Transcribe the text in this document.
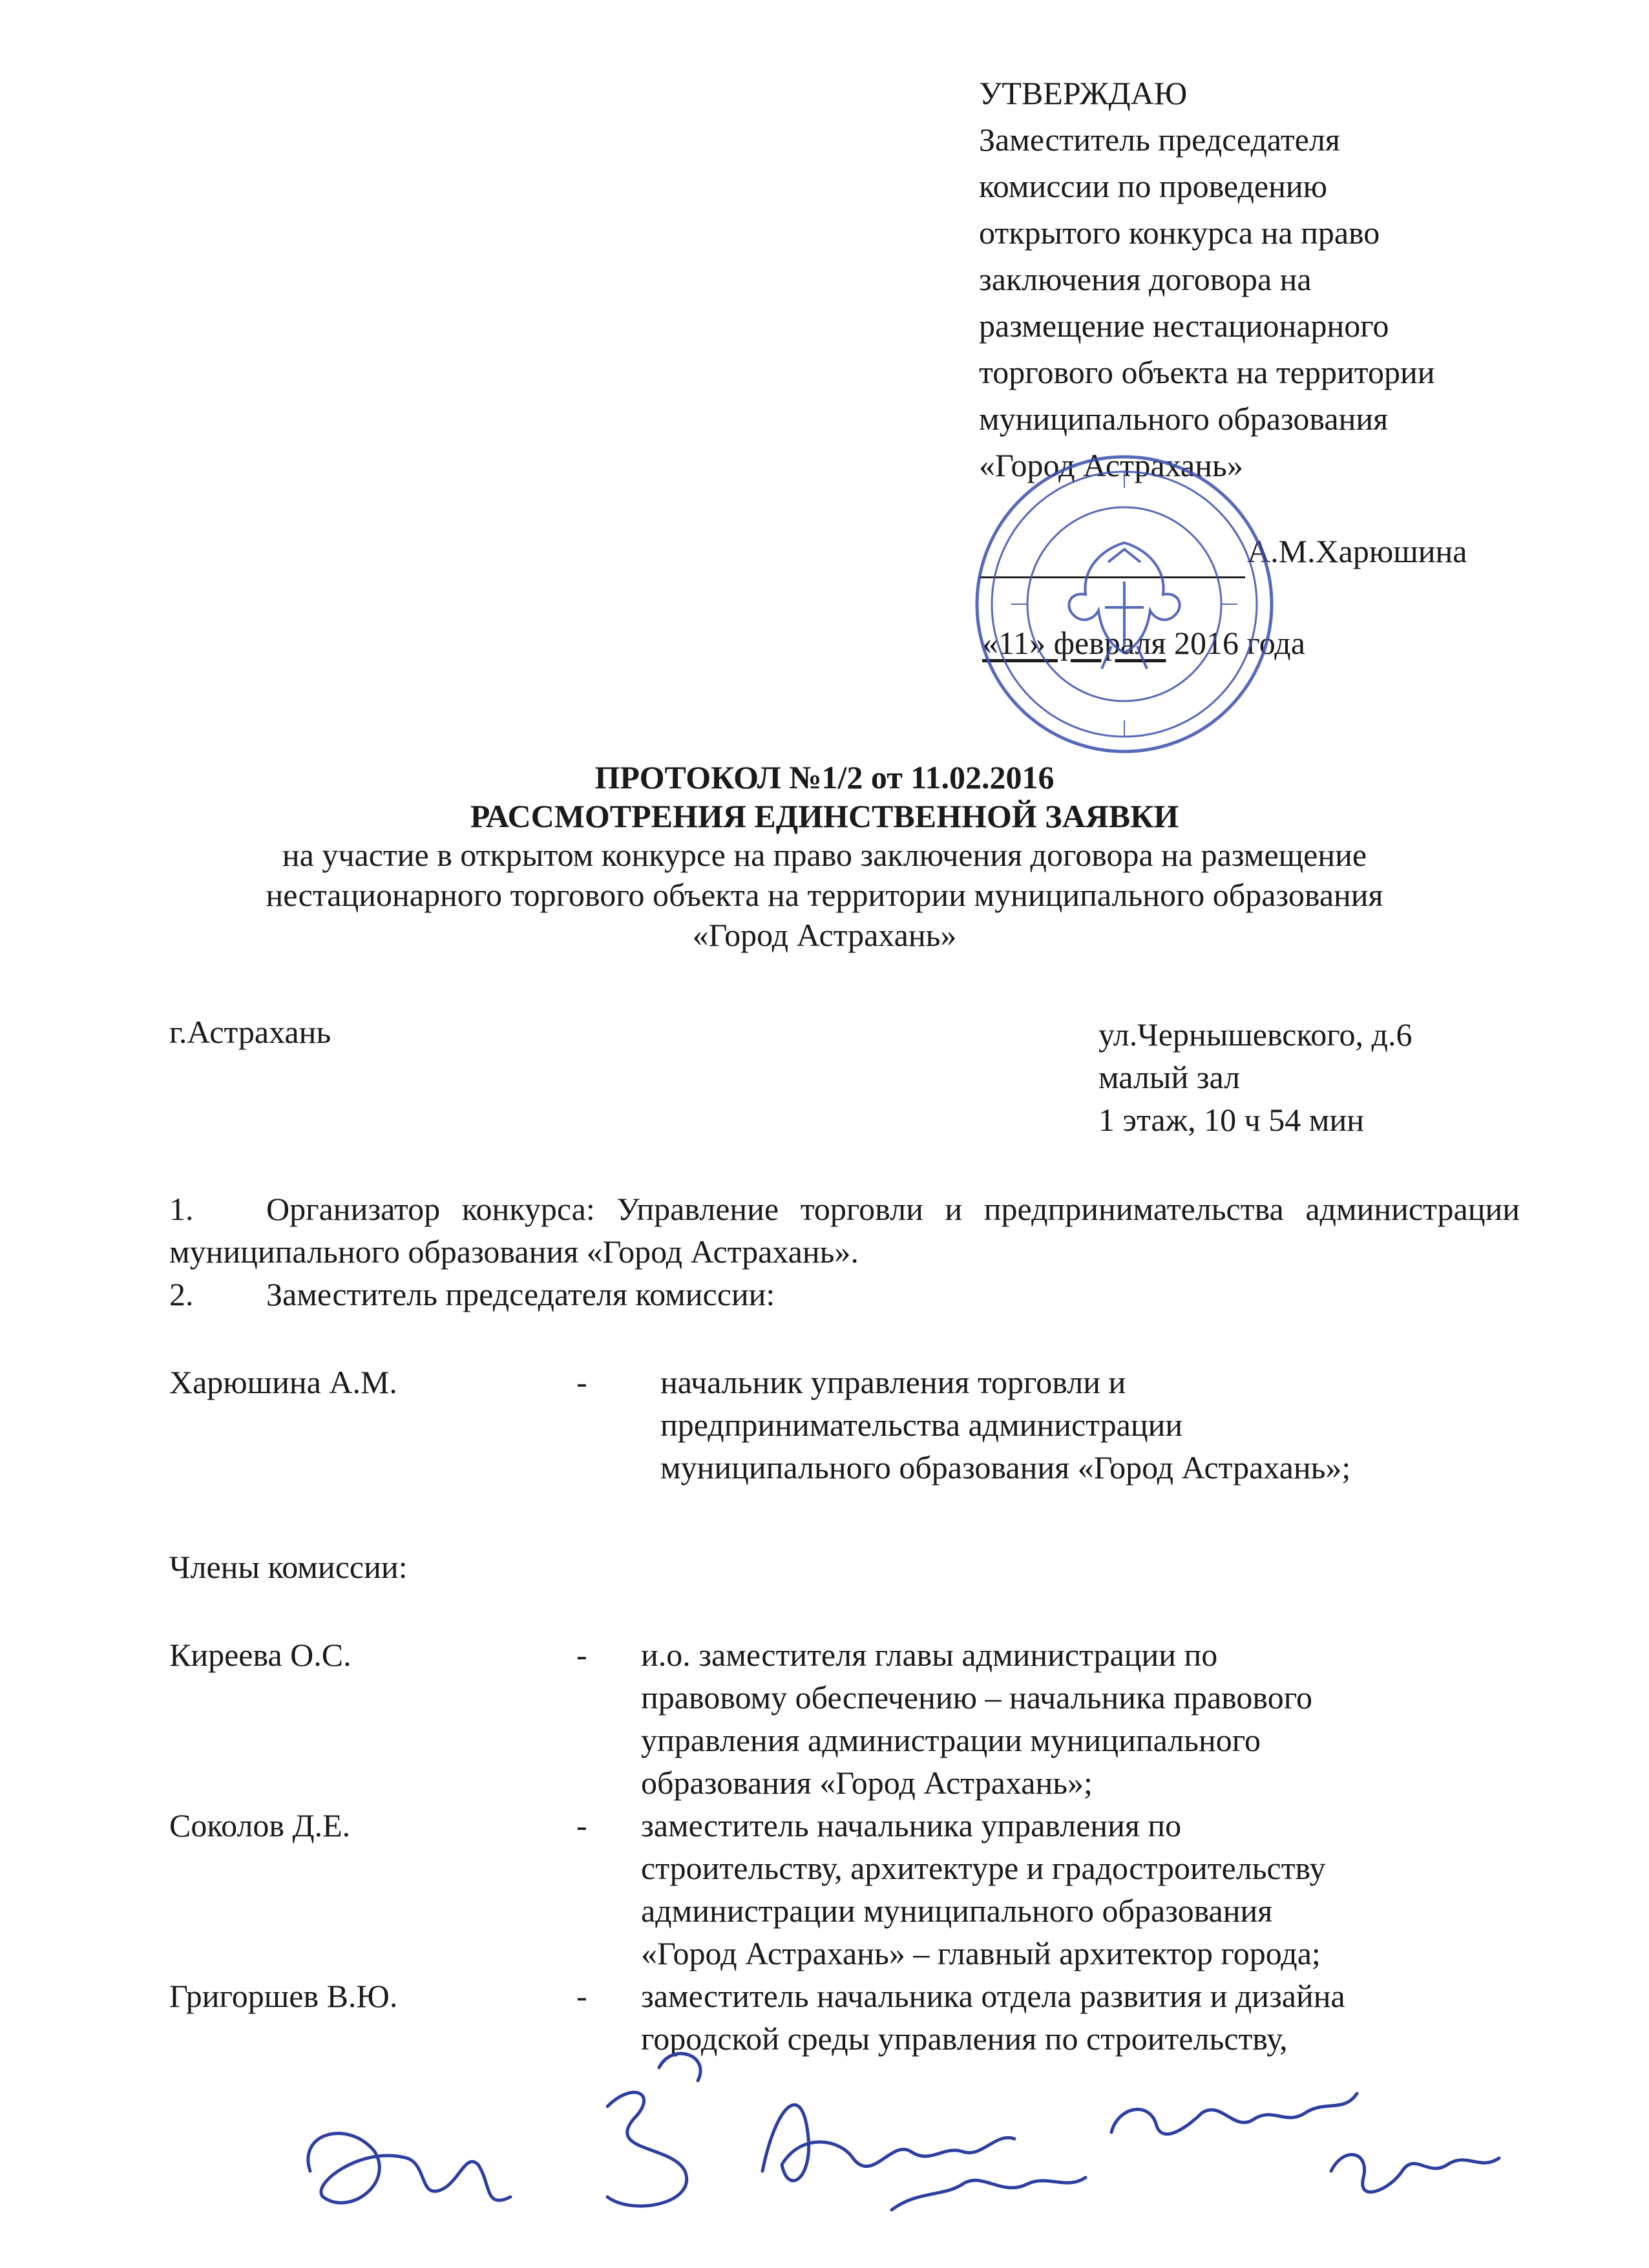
УТВЕРЖДАЮ
Заместитель председателя
комиссии по проведению
открытого конкурса на право
заключения договора на
размещение нестационарного
торгового объекта на территории
муниципального образования
«Город Астрахань»
А.М.Харюшина
«11» февраля 2016 года
ПРОТОКОЛ №1/2 от 11.02.2016
РАССМОТРЕНИЯ ЕДИНСТВЕННОЙ ЗАЯВКИ
на участие в открытом конкурсе на право заключения договора на размещение
нестационарного торгового объекта на территории муниципального образования
«Город Астрахань»
г.Астрахань	ул.Чернышевского, д.6
малый зал
1 этаж, 10 ч 54 мин
1. Организатор конкурса: Управление торговли и предпринимательства администрации муниципального образования «Город Астрахань».
2. Заместитель председателя комиссии:
Харюшина А.М.	-	начальник управления торговли и
предпринимательства администрации
муниципального образования «Город Астрахань»;
Члены комиссии:
Киреева О.С.	-	и.о. заместителя главы администрации по
правовому обеспечению – начальника правового
управления администрации муниципального
образования «Город Астрахань»;
Соколов Д.Е.	-	заместитель начальника управления по
строительству, архитектуре и градостроительству
администрации муниципального образования
«Город Астрахань» – главный архитектор города;
Григоршев В.Ю.	-	заместитель начальника отдела развития и дизайна
городской среды управления по строительству,
